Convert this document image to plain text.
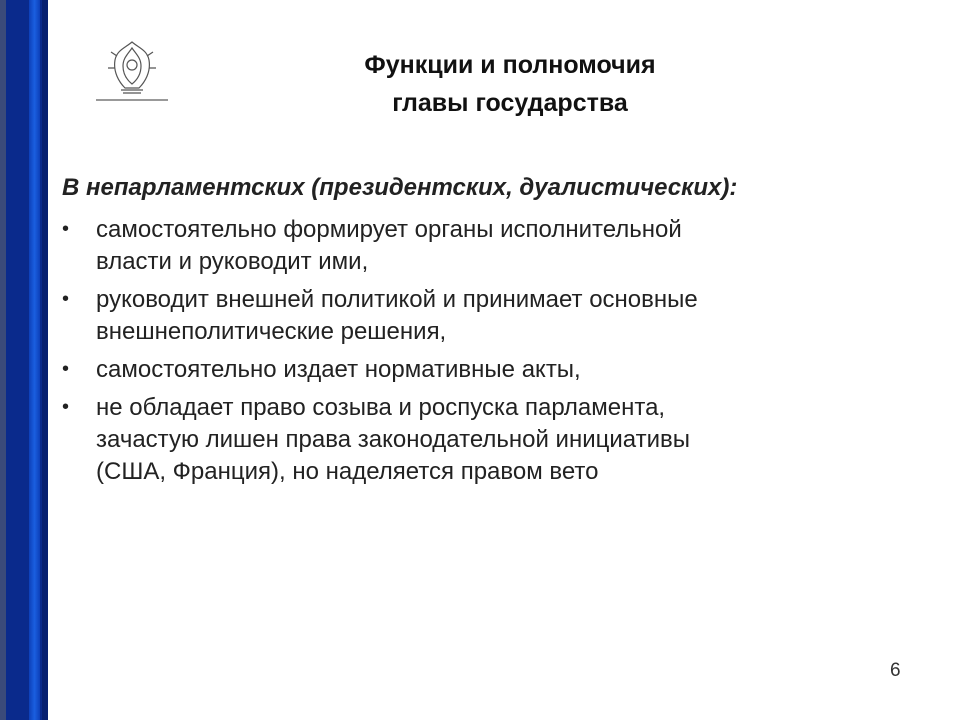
Функции и полномочия
главы государства
В непарламентских (президентских, дуалистических):
•	самостоятельно формирует органы исполнительной
власти и руководит ими,
•	руководит внешней политикой и принимает основные
внешнеполитические решения,
•	самостоятельно издает нормативные акты,
•	не обладает право созыва и роспуска парламента,
зачастую лишен права законодательной инициативы
(США, Франция), но наделяется правом вето
6
